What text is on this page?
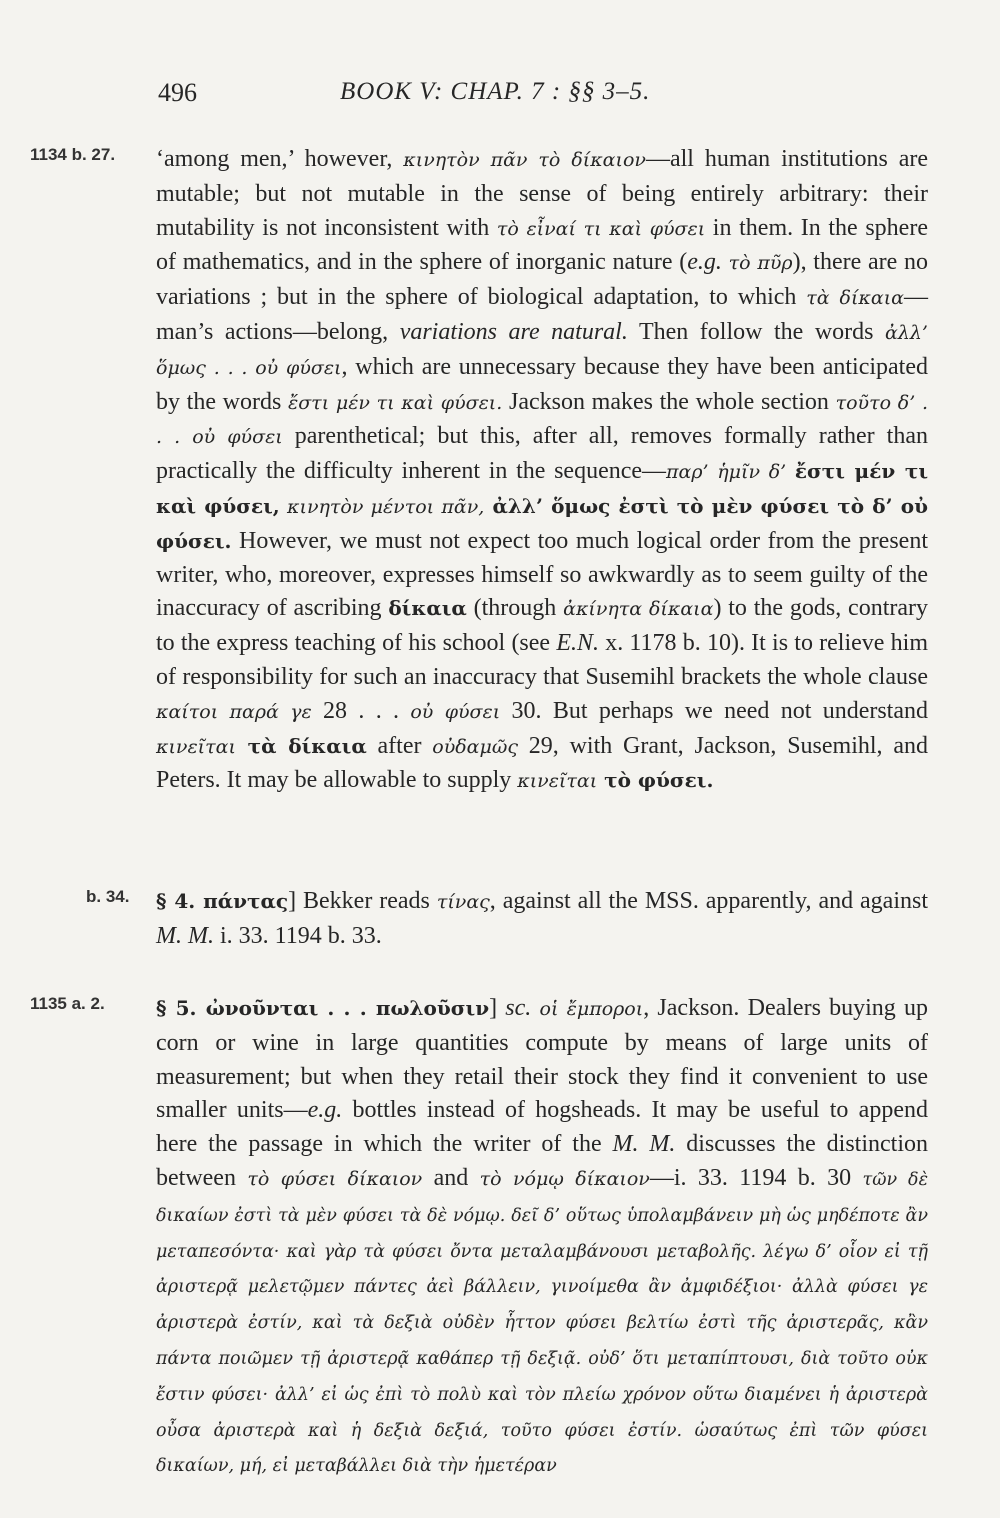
496	BOOK V: CHAP. 7 : §§ 3–5.
1134 b. 27.	‘among men,’ however, κινητὸν πᾶν τὸ δίκαιον—all human institutions are mutable; but not mutable in the sense of being entirely arbitrary: their mutability is not inconsistent with τὸ εἶναί τι καὶ φύσει in them. In the sphere of mathematics, and in the sphere of inorganic nature (e.g. τὸ πῦρ), there are no variations ; but in the sphere of biological adaptation, to which τὰ δίκαια—man’s actions—belong, variations are natural. Then follow the words ἀλλ’ ὅμως . . . οὐ φύσει, which are unnecessary because they have been anticipated by the words ἔστι μέν τι καὶ φύσει. Jackson makes the whole section τοῦτο δ’ . . . οὐ φύσει parenthetical; but this, after all, removes formally rather than practically the difficulty inherent in the sequence—παρ’ ἡμῖν δ’ ἔστι μέν τι καὶ φύσει, κινητὸν μέντοι πᾶν, ἀλλ’ ὅμως ἐστὶ τὸ μὲν φύσει τὸ δ’ οὐ φύσει. However, we must not expect too much logical order from the present writer, who, moreover, expresses himself so awkwardly as to seem guilty of the inaccuracy of ascribing δίκαια (through ἀκίνητα δίκαια) to the gods, contrary to the express teaching of his school (see E.N. x. 1178 b. 10). It is to relieve him of responsibility for such an inaccuracy that Susemihl brackets the whole clause καίτοι παρά γε 28 . . . οὐ φύσει 30. But perhaps we need not understand κινεῖται τὰ δίκαια after οὐδαμῶς 29, with Grant, Jackson, Susemihl, and Peters. It may be allowable to supply κινεῖται τὸ φύσει.
b. 34.	§ 4. πάντας] Bekker reads τίνας, against all the MSS. apparently, and against M. M. i. 33. 1194 b. 33.
1135 a. 2.	§ 5. ὠνοῦνται . . . πωλοῦσιν] sc. οἱ ἔμποροι, Jackson. Dealers buying up corn or wine in large quantities compute by means of large units of measurement; but when they retail their stock they find it convenient to use smaller units—e.g. bottles instead of hogsheads. It may be useful to append here the passage in which the writer of the M. M. discusses the distinction between τὸ φύσει δίκαιον and τὸ νόμῳ δίκαιον—i. 33. 1194 b. 30 τῶν δὲ δικαίων ἐστὶ τὰ μὲν φύσει τὰ δὲ νόμῳ. δεῖ δ’ οὕτως ὑπολαμβάνειν μὴ ὡς μηδέποτε ἂν μεταπεσόντα· καὶ γὰρ τὰ φύσει ὄντα μεταλαμβάνουσι μεταβολῆς. λέγω δ’ οἷον εἰ τῇ ἀριστερᾷ μελετῷμεν πάντες ἀεὶ βάλλειν, γινοίμεθα ἂν ἀμφιδέξιοι· ἀλλὰ φύσει γε ἀριστερὰ ἐστίν, καὶ τὰ δεξιὰ οὐδὲν ἧττον φύσει βελτίω ἐστὶ τῆς ἀριστερᾶς, κἂν πάντα ποιῶμεν τῇ ἀριστερᾷ καθάπερ τῇ δεξιᾷ. οὐδ’ ὅτι μεταπίπτουσι, διὰ τοῦτο οὐκ ἔστιν φύσει· ἀλλ’ εἰ ὡς ἐπὶ τὸ πολὺ καὶ τὸν πλείω χρόνον οὕτω διαμένει ἡ ἀριστερὰ οὖσα ἀριστερὰ καὶ ἡ δεξιὰ δεξιά, τοῦτο φύσει ἐστίν. ὡσαύτως ἐπὶ τῶν φύσει δικαίων, μή, εἰ μεταβάλλει διὰ τὴν ἡμετέραν
